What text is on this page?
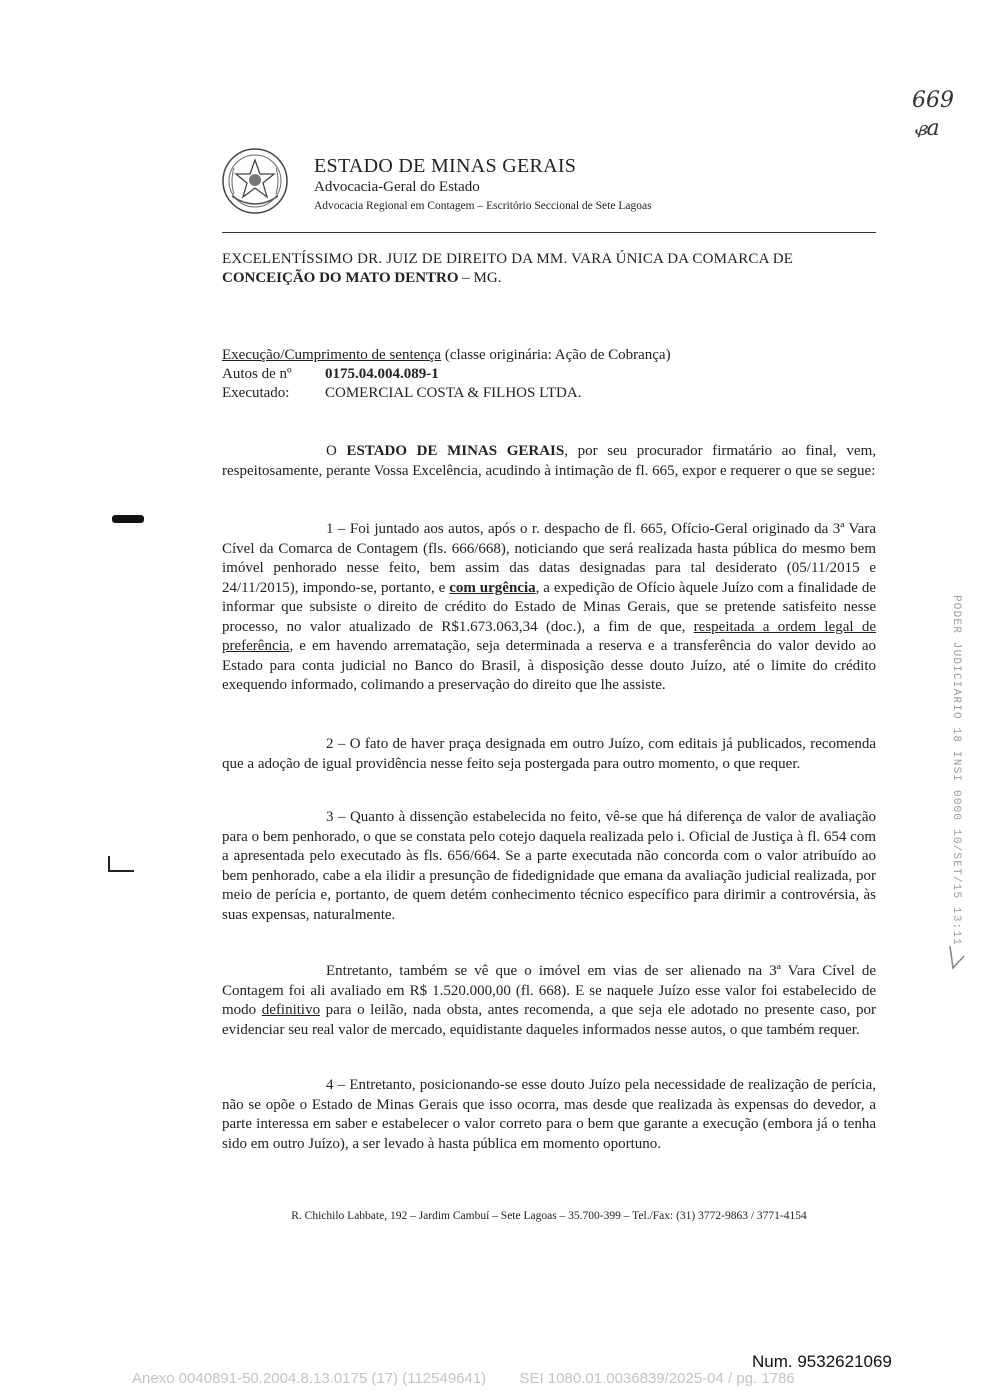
669
ᏸa
ESTADO DE MINAS GERAIS
Advocacia-Geral do Estado
Advocacia Regional em Contagem – Escritório Seccional de Sete Lagoas
EXCELENTÍSSIMO DR. JUIZ DE DIREITO DA MM. VARA ÚNICA DA COMARCA DE
CONCEIÇÃO DO MATO DENTRO – MG.
Execução/Cumprimento de sentença (classe originária: Ação de Cobrança)
Autos de nº 0175.04.004.089-1
Executado: COMERCIAL COSTA & FILHOS LTDA.
O ESTADO DE MINAS GERAIS, por seu procurador firmatário ao final, vem, respeitosamente, perante Vossa Excelência, acudindo à intimação de fl. 665, expor e requerer o que se segue:
1 – Foi juntado aos autos, após o r. despacho de fl. 665, Ofício-Geral originado da 3ª Vara Cível da Comarca de Contagem (fls. 666/668), noticiando que será realizada hasta pública do mesmo bem imóvel penhorado nesse feito, bem assim das datas designadas para tal desiderato (05/11/2015 e 24/11/2015), impondo-se, portanto, e com urgência, a expedição de Ofício àquele Juízo com a finalidade de informar que subsiste o direito de crédito do Estado de Minas Gerais, que se pretende satisfeito nesse processo, no valor atualizado de R$1.673.063,34 (doc.), a fim de que, respeitada a ordem legal de preferência, e em havendo arrematação, seja determinada a reserva e a transferência do valor devido ao Estado para conta judicial no Banco do Brasil, à disposição desse douto Juízo, até o limite do crédito exequendo informado, colimando a preservação do direito que lhe assiste.
2 – O fato de haver praça designada em outro Juízo, com editais já publicados, recomenda que a adoção de igual providência nesse feito seja postergada para outro momento, o que requer.
3 – Quanto à dissenção estabelecida no feito, vê-se que há diferença de valor de avaliação para o bem penhorado, o que se constata pelo cotejo daquela realizada pelo i. Oficial de Justiça à fl. 654 com a apresentada pelo executado às fls. 656/664. Se a parte executada não concorda com o valor atribuído ao bem penhorado, cabe a ela ilidir a presunção de fidedignidade que emana da avaliação judicial realizada, por meio de perícia e, portanto, de quem detém conhecimento técnico específico para dirimir a controvérsia, às suas expensas, naturalmente.
Entretanto, também se vê que o imóvel em vias de ser alienado na 3ª Vara Cível de Contagem foi ali avaliado em R$ 1.520.000,00 (fl. 668). E se naquele Juízo esse valor foi estabelecido de modo definitivo para o leilão, nada obsta, antes recomenda, a que seja ele adotado no presente caso, por evidenciar seu real valor de mercado, equidistante daqueles informados nesse autos, o que também requer.
4 – Entretanto, posicionando-se esse douto Juízo pela necessidade de realização de perícia, não se opõe o Estado de Minas Gerais que isso ocorra, mas desde que realizada às expensas do devedor, a parte interessa em saber e estabelecer o valor correto para o bem que garante a execução (embora já o tenha sido em outro Juízo), a ser levado à hasta pública em momento oportuno.
R. Chichilo Labbate, 192 – Jardim Cambuí – Sete Lagoas – 35.700-399 – Tel./Fax: (31) 3772-9863 / 3771-4154
PODER JUDICIARIO 18 INSI 0000 10/SET/15 13:11
Num. 9532621069
Anexo 0040891-50.2004.8.13.0175 (17) (112549641)        SEI 1080.01.0036839/2025-04 / pg. 1786
